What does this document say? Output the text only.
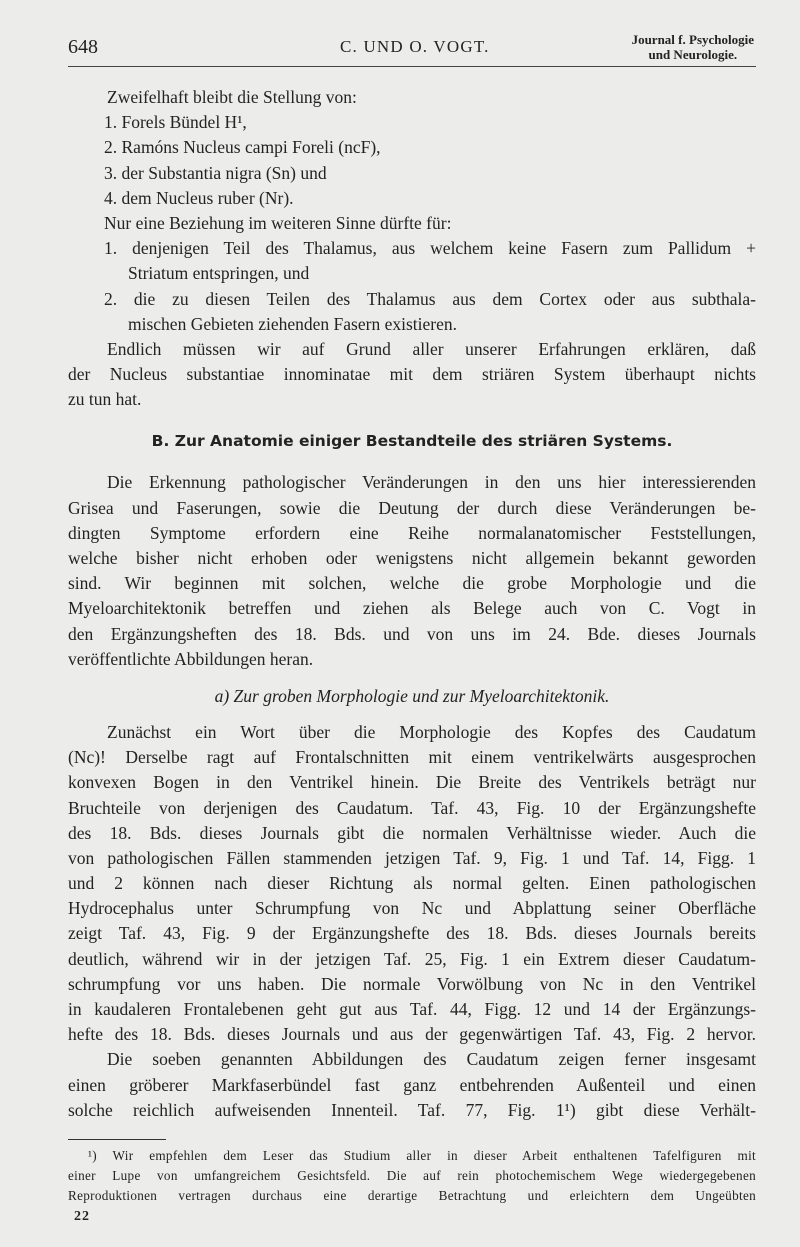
648	C. UND O. VOGT.	Journal f. Psychologie
und Neurologie.
Zweifelhaft bleibt die Stellung von:
1. Forels Bündel H¹,
2. Ramóns Nucleus campi Foreli (ncF),
3. der Substantia nigra (Sn) und
4. dem Nucleus ruber (Nr).
Nur eine Beziehung im weiteren Sinne dürfte für:
1. denjenigen Teil des Thalamus, aus welchem keine Fasern zum Pallidum +
Striatum entspringen, und
2. die zu diesen Teilen des Thalamus aus dem Cortex oder aus subthala-
mischen Gebieten ziehenden Fasern existieren.
Endlich müssen wir auf Grund aller unserer Erfahrungen erklären, daß
der Nucleus substantiae innominatae mit dem striären System überhaupt nichts
zu tun hat.
B. Zur Anatomie einiger Bestandteile des striären Systems.
Die Erkennung pathologischer Veränderungen in den uns hier interessierenden
Grisea und Faserungen, sowie die Deutung der durch diese Veränderungen be-
dingten Symptome erfordern eine Reihe normalanatomischer Feststellungen,
welche bisher nicht erhoben oder wenigstens nicht allgemein bekannt geworden
sind. Wir beginnen mit solchen, welche die grobe Morphologie und die
Myeloarchitektonik betreffen und ziehen als Belege auch von C. Vogt in
den Ergänzungsheften des 18. Bds. und von uns im 24. Bde. dieses Journals
veröffentlichte Abbildungen heran.
a) Zur groben Morphologie und zur Myeloarchitektonik.
Zunächst ein Wort über die Morphologie des Kopfes des Caudatum
(Nc)! Derselbe ragt auf Frontalschnitten mit einem ventrikelwärts ausgesprochen
konvexen Bogen in den Ventrikel hinein. Die Breite des Ventrikels beträgt nur
Bruchteile von derjenigen des Caudatum. Taf. 43, Fig. 10 der Ergänzungshefte
des 18. Bds. dieses Journals gibt die normalen Verhältnisse wieder. Auch die
von pathologischen Fällen stammenden jetzigen Taf. 9, Fig. 1 und Taf. 14, Figg. 1
und 2 können nach dieser Richtung als normal gelten. Einen pathologischen
Hydrocephalus unter Schrumpfung von Nc und Abplattung seiner Oberfläche
zeigt Taf. 43, Fig. 9 der Ergänzungshefte des 18. Bds. dieses Journals bereits
deutlich, während wir in der jetzigen Taf. 25, Fig. 1 ein Extrem dieser Caudatum-
schrumpfung vor uns haben. Die normale Vorwölbung von Nc in den Ventrikel
in kaudaleren Frontalebenen geht gut aus Taf. 44, Figg. 12 und 14 der Ergänzungs-
hefte des 18. Bds. dieses Journals und aus der gegenwärtigen Taf. 43, Fig. 2 hervor.
Die soeben genannten Abbildungen des Caudatum zeigen ferner insgesamt
einen gröberer Markfaserbündel fast ganz entbehrenden Außenteil und einen
solche reichlich aufweisenden Innenteil. Taf. 77, Fig. 1¹) gibt diese Verhält-
¹) Wir empfehlen dem Leser das Studium aller in dieser Arbeit enthaltenen Tafelfiguren mit
einer Lupe von umfangreichem Gesichtsfeld. Die auf rein photochemischem Wege wiedergegebenen
Reproduktionen vertragen durchaus eine derartige Betrachtung und erleichtern dem Ungeübten
22
